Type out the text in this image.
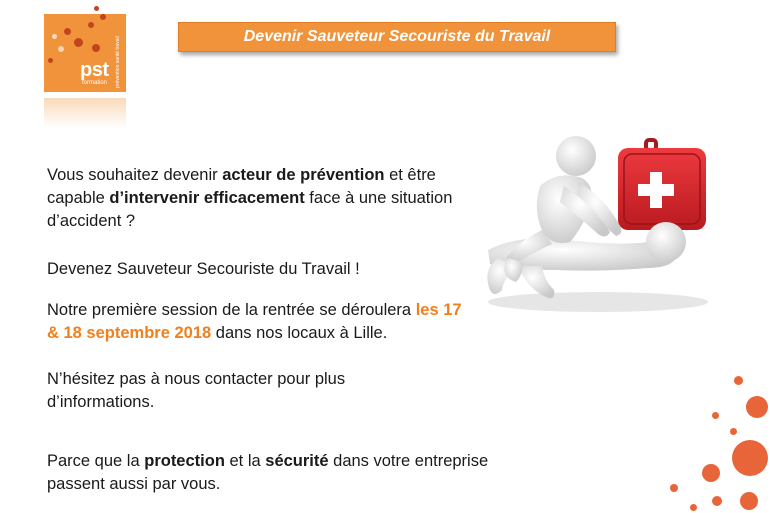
pst
formation prévention santé travail	Devenir Sauveteur Secouriste du Travail

Vous souhaitez devenir acteur de prévention et être capable d’intervenir efficacement face à une situation d’accident ?

Devenez Sauveteur Secouriste du Travail !

Notre première session de la rentrée se déroulera les 17 & 18 septembre 2018 dans nos locaux à Lille.

N’hésitez pas à nous contacter pour plus d’informations.

Parce que la protection et la sécurité dans votre entreprise passent aussi par vous.
